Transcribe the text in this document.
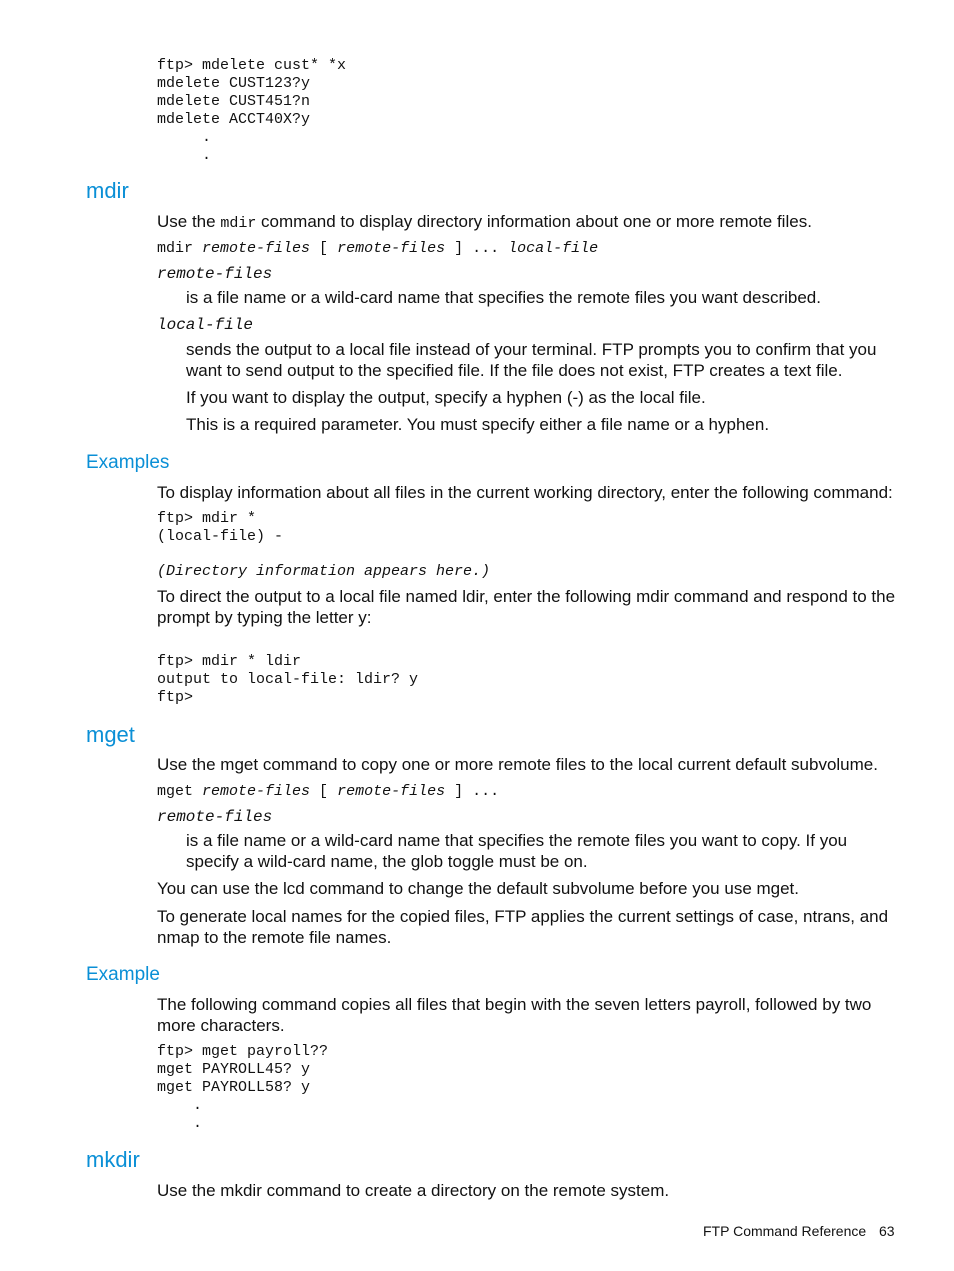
ftp> mdelete cust* *x
mdelete CUST123?y
mdelete CUST451?n
mdelete ACCT40X?y
.
.
mdir

Use the mdir command to display directory information about one or more remote files.

mdir remote-files [ remote-files ] ... local-file
remote-files

is a file name or a wild-card name that specifies the remote files you want described.

local-file

sends the output to a local file instead of your terminal. FTP prompts you to confirm that you want to send output to the specified file. If the file does not exist, FTP creates a text file.

If you want to display the output, specify a hyphen (-) as the local file.

This is a required parameter. You must specify either a file name or a hyphen.

Examples

To display information about all files in the current working directory, enter the following command:

ftp> mdir *
(local-file) -
(Directory information appears here.)

To direct the output to a local file named ldir, enter the following mdir command and respond to the prompt by typing the letter y:

ftp> mdir * ldir
output to local-file: ldir? y
ftp>
mget

Use the mget command to copy one or more remote files to the local current default subvolume.

mget remote-files [ remote-files ] ...
remote-files

is a file name or a wild-card name that specifies the remote files you want to copy. If you specify a wild-card name, the glob toggle must be on.

You can use the lcd command to change the default subvolume before you use mget.

To generate local names for the copied files, FTP applies the current settings of case, ntrans, and nmap to the remote file names.

Example

The following command copies all files that begin with the seven letters payroll, followed by two more characters.

ftp> mget payroll??
mget PAYROLL45? y
mget PAYROLL58? y
.
.
mkdir

Use the mkdir command to create a directory on the remote system.

FTP Command Reference 63
